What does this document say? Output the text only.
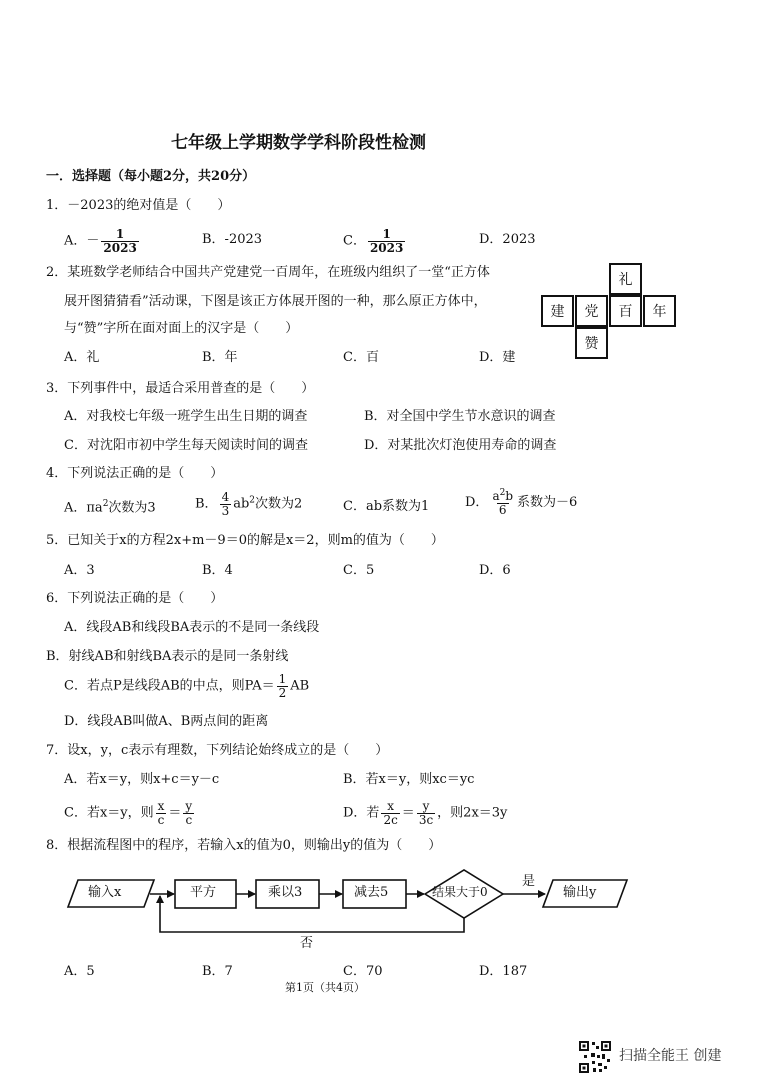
七年级上学期数学学科阶段性检测
一．选择题（每小题2分，共20分）
1．－2023的绝对值是（　　）
A．－ $\frac{1}{2023}$	B．-2023	C． $\frac{1}{2023}$	D．2023
2．某班数学老师结合中国共产党建党一百周年，在班级内组织了一堂“正方体
展开图猜猜看”活动课，下图是该正方体展开图的一种，那么原正方体中，
与“赞”字所在面对面上的汉字是（　　）
A．礼	B．年	C．百	D．建
礼
建	党	百	年
赞
3．下列事件中，最适合采用普查的是（　　）
A．对我校七年级一班学生出生日期的调查	B．对全国中学生节水意识的调查
C．对沈阳市初中学生每天阅读时间的调查	D．对某批次灯泡使用寿命的调查
4．下列说法正确的是（　　）
A．$\pi a^2$次数为3	B． $\frac{4}{3} ab^2$次数为2	C．ab系数为1	D． $\frac{a^2b}{6}$ 系数为－6
5．已知关于x的方程2x+m－9＝0的解是x＝2，则m的值为（　　）
A．3	B．4	C．5	D．6
6．下列说法正确的是（　　）
A．线段AB和线段BA表示的不是同一条线段
B．射线AB和射线BA表示的是同一条射线
C．若点P是线段AB的中点，则$PA= \frac{1}{2}$ AB
D．线段AB叫做A、B两点间的距离
7．设x，y，c表示有理数，下列结论始终成立的是（　　）
A．若x＝y，则x+c＝y－c	B．若x＝y，则xc＝yc
C．若x＝y，则 $\frac{x}{c} = \frac{y}{c}$	D．若 $\frac{x}{2c} = \frac{y}{3c}$ ，则2x＝3y
8．根据流程图中的程序，若输入x的值为0，则输出y的值为（　　）
输入x	平方	乘以3	减去5	结果大于0
是
输出y
否
A．5	B．7	C．70	D．187
第1页（共4页）
扫描全能王 创建
